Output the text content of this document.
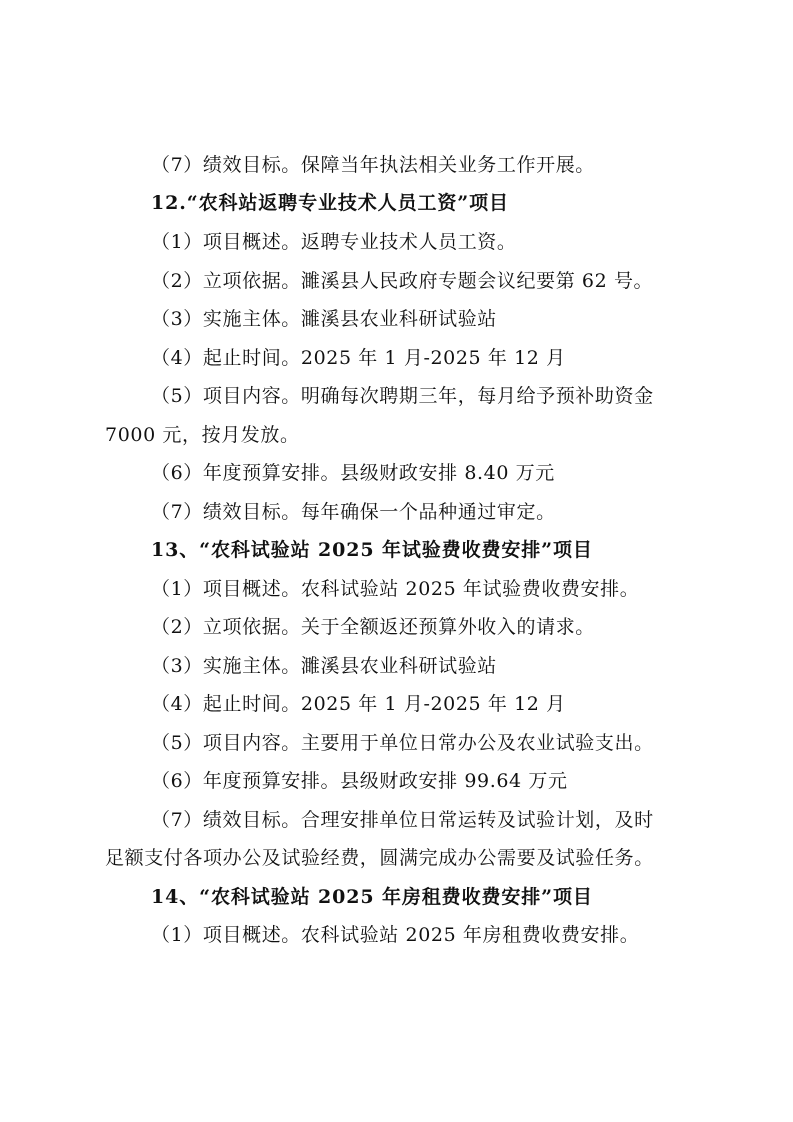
（7）绩效目标。保障当年执法相关业务工作开展。
12.“农科站返聘专业技术人员工资”项目
（1）项目概述。返聘专业技术人员工资。
（2）立项依据。濉溪县人民政府专题会议纪要第 62 号。
（3）实施主体。濉溪县农业科研试验站
（4）起止时间。2025 年 1 月-2025 年 12 月
（5）项目内容。明确每次聘期三年，每月给予预补助资金
7000 元，按月发放。
（6）年度预算安排。县级财政安排 8.40 万元
（7）绩效目标。每年确保一个品种通过审定。
13、“农科试验站 2025 年试验费收费安排”项目
（1）项目概述。农科试验站 2025 年试验费收费安排。
（2）立项依据。关于全额返还预算外收入的请求。
（3）实施主体。濉溪县农业科研试验站
（4）起止时间。2025 年 1 月-2025 年 12 月
（5）项目内容。主要用于单位日常办公及农业试验支出。
（6）年度预算安排。县级财政安排 99.64 万元
（7）绩效目标。合理安排单位日常运转及试验计划，及时
足额支付各项办公及试验经费，圆满完成办公需要及试验任务。
14、“农科试验站 2025 年房租费收费安排”项目
（1）项目概述。农科试验站 2025 年房租费收费安排。
